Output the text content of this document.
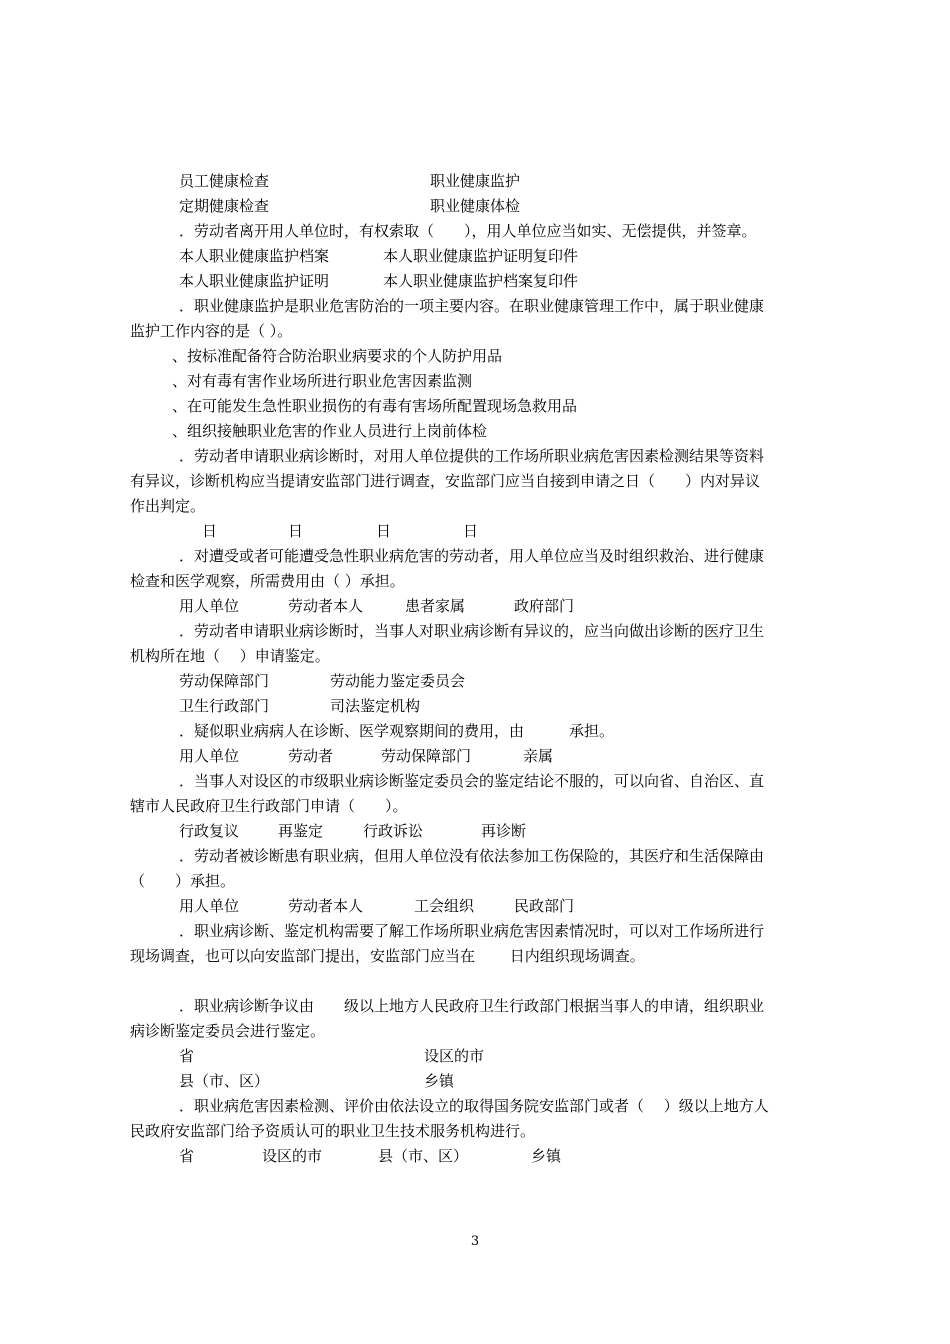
员工健康检查	职业健康监护
定期健康检查	职业健康体检
．劳动者离开用人单位时，有权索取（　　），用人单位应当如实、无偿提供，并签章。
本人职业健康监护档案	本人职业健康监护证明复印件
本人职业健康监护证明	本人职业健康监护档案复印件
．职业健康监护是职业危害防治的一项主要内容。在职业健康管理工作中，属于职业健康
监护工作内容的是（ ）。
、按标准配备符合防治职业病要求的个人防护用品
、对有毒有害作业场所进行职业危害因素监测
、在可能发生急性职业损伤的有毒有害场所配置现场急救用品
、组织接触职业危害的作业人员进行上岗前体检
．劳动者申请职业病诊断时，对用人单位提供的工作场所职业病危害因素检测结果等资料
有异议，诊断机构应当提请安监部门进行调查，安监部门应当自接到申请之日（　　）内对异议
作出判定。
日	日	日	日
．对遭受或者可能遭受急性职业病危害的劳动者，用人单位应当及时组织救治、进行健康
检查和医学观察，所需费用由（ ）承担。
用人单位	劳动者本人	患者家属	政府部门
．劳动者申请职业病诊断时，当事人对职业病诊断有异议的，应当向做出诊断的医疗卫生
机构所在地（　 ）申请鉴定。
劳动保障部门	劳动能力鉴定委员会
卫生行政部门	司法鉴定机构
．疑似职业病病人在诊断、医学观察期间的费用，由　　　承担。
用人单位	劳动者	劳动保障部门	亲属
．当事人对设区的市级职业病诊断鉴定委员会的鉴定结论不服的，可以向省、自治区、直
辖市人民政府卫生行政部门申请（　　）。
行政复议	再鉴定	行政诉讼	再诊断
．劳动者被诊断患有职业病，但用人单位没有依法参加工伤保险的，其医疗和生活保障由
（　　）承担。
用人单位	劳动者本人	工会组织	民政部门
．职业病诊断、鉴定机构需要了解工作场所职业病危害因素情况时，可以对工作场所进行
现场调查，也可以向安监部门提出，安监部门应当在　　 日内组织现场调查。
．职业病诊断争议由　　级以上地方人民政府卫生行政部门根据当事人的申请，组织职业
病诊断鉴定委员会进行鉴定。
省	设区的市
县（市、区）	乡镇
．职业病危害因素检测、评价由依法设立的取得国务院安监部门或者（　 ）级以上地方人
民政府安监部门给予资质认可的职业卫生技术服务机构进行。
省	设区的市	县（市、区）	乡镇
3
